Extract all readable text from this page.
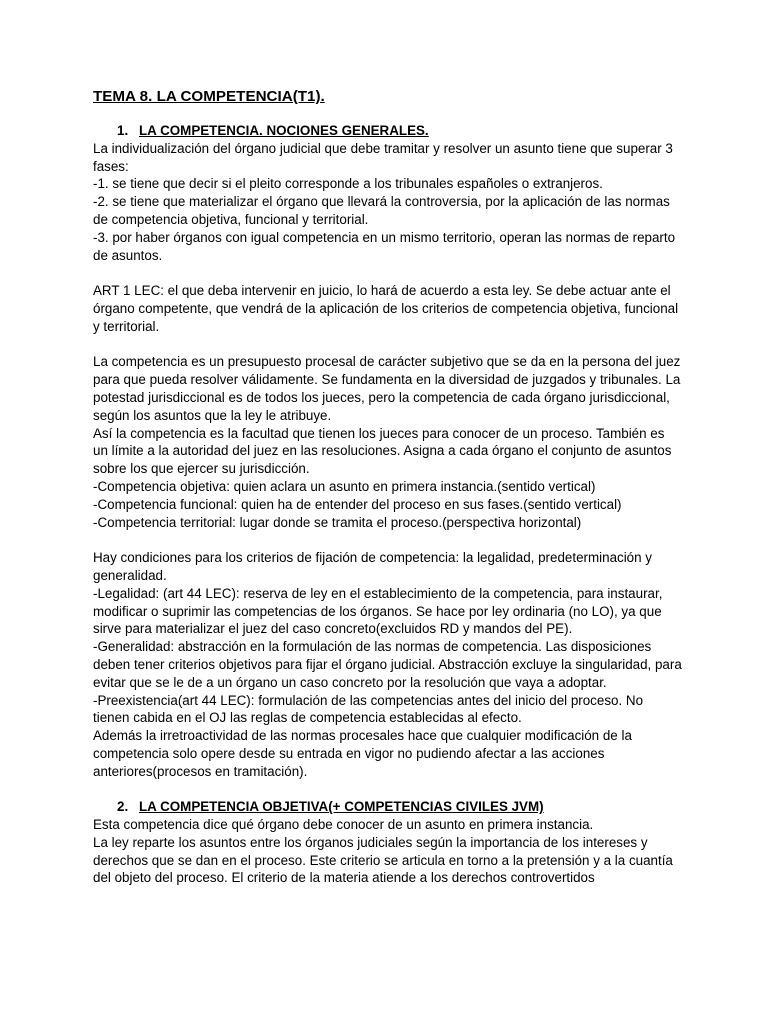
TEMA 8. LA COMPETENCIA(T1).
1. LA COMPETENCIA. NOCIONES GENERALES.

La individualización del órgano judicial que debe tramitar y resolver un asunto tiene que superar 3 fases:
-1. se tiene que decir si el pleito corresponde a los tribunales españoles o extranjeros.
-2. se tiene que materializar el órgano que llevará la controversia, por la aplicación de las normas de competencia objetiva, funcional y territorial.
-3. por haber órganos con igual competencia en un mismo territorio, operan las normas de reparto de asuntos.

ART 1 LEC: el que deba intervenir en juicio, lo hará de acuerdo a esta ley. Se debe actuar ante el órgano competente, que vendrá de la aplicación de los criterios de competencia objetiva, funcional y territorial.

La competencia es un presupuesto procesal de carácter subjetivo que se da en la persona del juez para que pueda resolver válidamente. Se fundamenta en la diversidad de juzgados y tribunales. La potestad jurisdiccional es de todos los jueces, pero la competencia de cada órgano jurisdiccional, según los asuntos que la ley le atribuye.
Así la competencia es la facultad que tienen los jueces para conocer de un proceso. También es un límite a la autoridad del juez en las resoluciones. Asigna a cada órgano el conjunto de asuntos sobre los que ejercer su jurisdicción.
-Competencia objetiva: quien aclara un asunto en primera instancia.(sentido vertical)
-Competencia funcional: quien ha de entender del proceso en sus fases.(sentido vertical)
-Competencia territorial: lugar donde se tramita el proceso.(perspectiva horizontal)

Hay condiciones para los criterios de fijación de competencia: la legalidad, predeterminación y generalidad.
-Legalidad: (art 44 LEC): reserva de ley en el establecimiento de la competencia, para instaurar, modificar o suprimir las competencias de los órganos. Se hace por ley ordinaria (no LO), ya que sirve para materializar el juez del caso concreto(excluidos RD y mandos del PE).
-Generalidad: abstracción en la formulación de las normas de competencia. Las disposiciones deben tener criterios objetivos para fijar el órgano judicial. Abstracción excluye la singularidad, para evitar que se le de a un órgano un caso concreto por la resolución que vaya a adoptar.
-Preexistencia(art 44 LEC): formulación de las competencias antes del inicio del proceso. No tienen cabida en el OJ las reglas de competencia establecidas al efecto.
Además la irretroactividad de las normas procesales hace que cualquier modificación de la competencia solo opere desde su entrada en vigor no pudiendo afectar a las acciones anteriores(procesos en tramitación).

2. LA COMPETENCIA OBJETIVA(+ COMPETENCIAS CIVILES JVM)

Esta competencia dice qué órgano debe conocer de un asunto en primera instancia.
La ley reparte los asuntos entre los órganos judiciales según la importancia de los intereses y derechos que se dan en el proceso. Este criterio se articula en torno a la pretensión y a la cuantía del objeto del proceso. El criterio de la materia atiende a los derechos controvertidos
